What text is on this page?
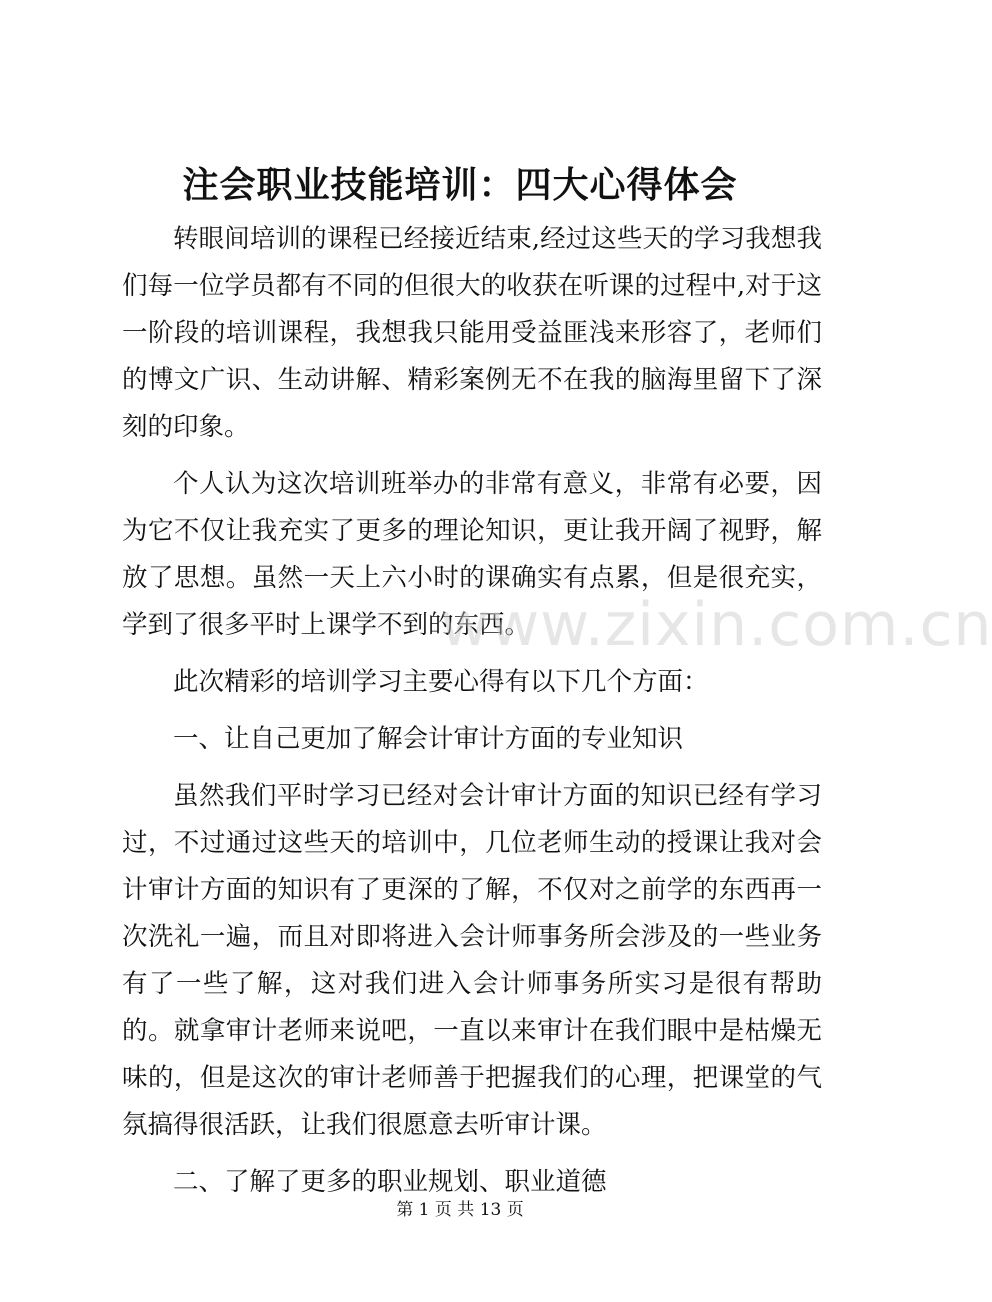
注会职业技能培训：四大心得体会

转眼间培训的课程已经接近结束,经过这些天的学习我想我们每一位学员都有不同的但很大的收获在听课的过程中,对于这一阶段的培训课程，我想我只能用受益匪浅来形容了，老师们的博文广识、生动讲解、精彩案例无不在我的脑海里留下了深刻的印象。

个人认为这次培训班举办的非常有意义，非常有必要，因为它不仅让我充实了更多的理论知识，更让我开阔了视野，解放了思想。虽然一天上六小时的课确实有点累，但是很充实，学到了很多平时上课学不到的东西。

此次精彩的培训学习主要心得有以下几个方面：

一、让自己更加了解会计审计方面的专业知识

虽然我们平时学习已经对会计审计方面的知识已经有学习过，不过通过这些天的培训中，几位老师生动的授课让我对会计审计方面的知识有了更深的了解，不仅对之前学的东西再一次洗礼一遍，而且对即将进入会计师事务所会涉及的一些业务有了一些了解，这对我们进入会计师事务所实习是很有帮助的。就拿审计老师来说吧，一直以来审计在我们眼中是枯燥无味的，但是这次的审计老师善于把握我们的心理，把课堂的气氛搞得很活跃，让我们很愿意去听审计课。

二、了解了更多的职业规划、职业道德

www.zixin.com.cn
第 1 页 共 13 页
